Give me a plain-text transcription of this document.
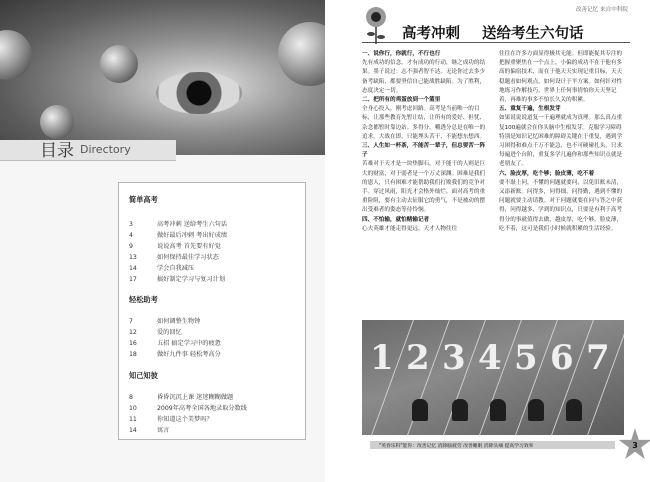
目录 Directory
简单高考
3	高考冲刺 送给考生六句话
4	做好最后冲刺 考出好成绩
9	说说高考 首先要有好觉
13	如何保持最佳学习状态
14	学会自我减压
17	搞好制定学习与复习计划
轻松助考
7	如何调整生物钟
12	爱的回忆
16	五招 搞定学习中的疲惫
18	做好九件事 轻松考高分
知己知彼
8	昏昏沉沉上课 迷迷糊糊做题
10	2009年高考全国各地录取分数线
11	你知道这个美梦吗？
14	寓言
改善记忆 来自中科院
高考冲刺 送给考生六句话

一、说你行，你就行，不行也行

先有成功的信念，才有成功的行动，继之成功的结果。墨子说过：志不强者智不达。无论你过去多少备考缺陷，都要坚信自己能战胜缺陷。为了胜利，态度决定一切。

二、把所有的鸡蛋放到一个篮里

全身心投入，刚考虑回路。高考是当前唯一的目标，让那些教育先暂让结，让所有的爱好、担忧、杂念都暂时靠边站。多得分，嚼透分总是在唯一的追求。大战在即，只能埋头苦干，不能想东想西。

三、人生如一杯茶，不能苦一辈子，但总要苦一阵子

苦难对于天才是一块垫脚石，对于能干的人则是巨大的财富，对于弱者是一个万丈深渊。困难是我们的恩人，只有困难才能帮助我们打败我们的竞争对手。穿过风雨，阳光才会格外灿烂。面对高考的重重险阻，要有主动去征服它的勇气，不是被动的摆出受难者的姿态等待怜悯。

四、不怕输，就怕赌输记者

心夫英雄才能走得更远。天才人物往往

往往在许多方面显得极其无能。但即能捉其专注的把握重聚焦在一个点上，小偏的成功不在于他有多高的偏宿技术，而在于他天天实现记重目标，天天稳题看如何观点，如何设计于平方案。如何针对性地练习作解技巧，世界上任何事情怕你天天坚记着，再难的事多不怕长久关的积累。

五、重复千遍，生根发芽

如果说说说道复一千遍理就成为真理。那么真点重复100遍就会在你头脑中生根发芽。克服学习障碍特别是知识记忆困难的障碍关键在于重复，遇到学习困得和难点千万不能急，也不可硬碰扎头，只求每遍进个台阶，重复多学几遍你和那些知识点就是老朋友了。

六、脸皮厚，吃个够；脸皮薄，吃不着

要不耻上问，不懂的问题就要问，以免旧账未清，又添新账。问得多，问得细，问得勤，遇到不懂的问题就要主动请教。对于问题就要在问与答之中获得，问得越多，学到的知识点，只要是有利于高考得分的事就值得去做，越皮厚，吃个够，脸皮薄，吃不着，这可是我们小时候就积累的生活经验。

1 2 3 4 5 6 7
"英春乐科"能你：改善记忆 消除脑疲劳 改善睡眠 消除头痛 提高学习效率	3
